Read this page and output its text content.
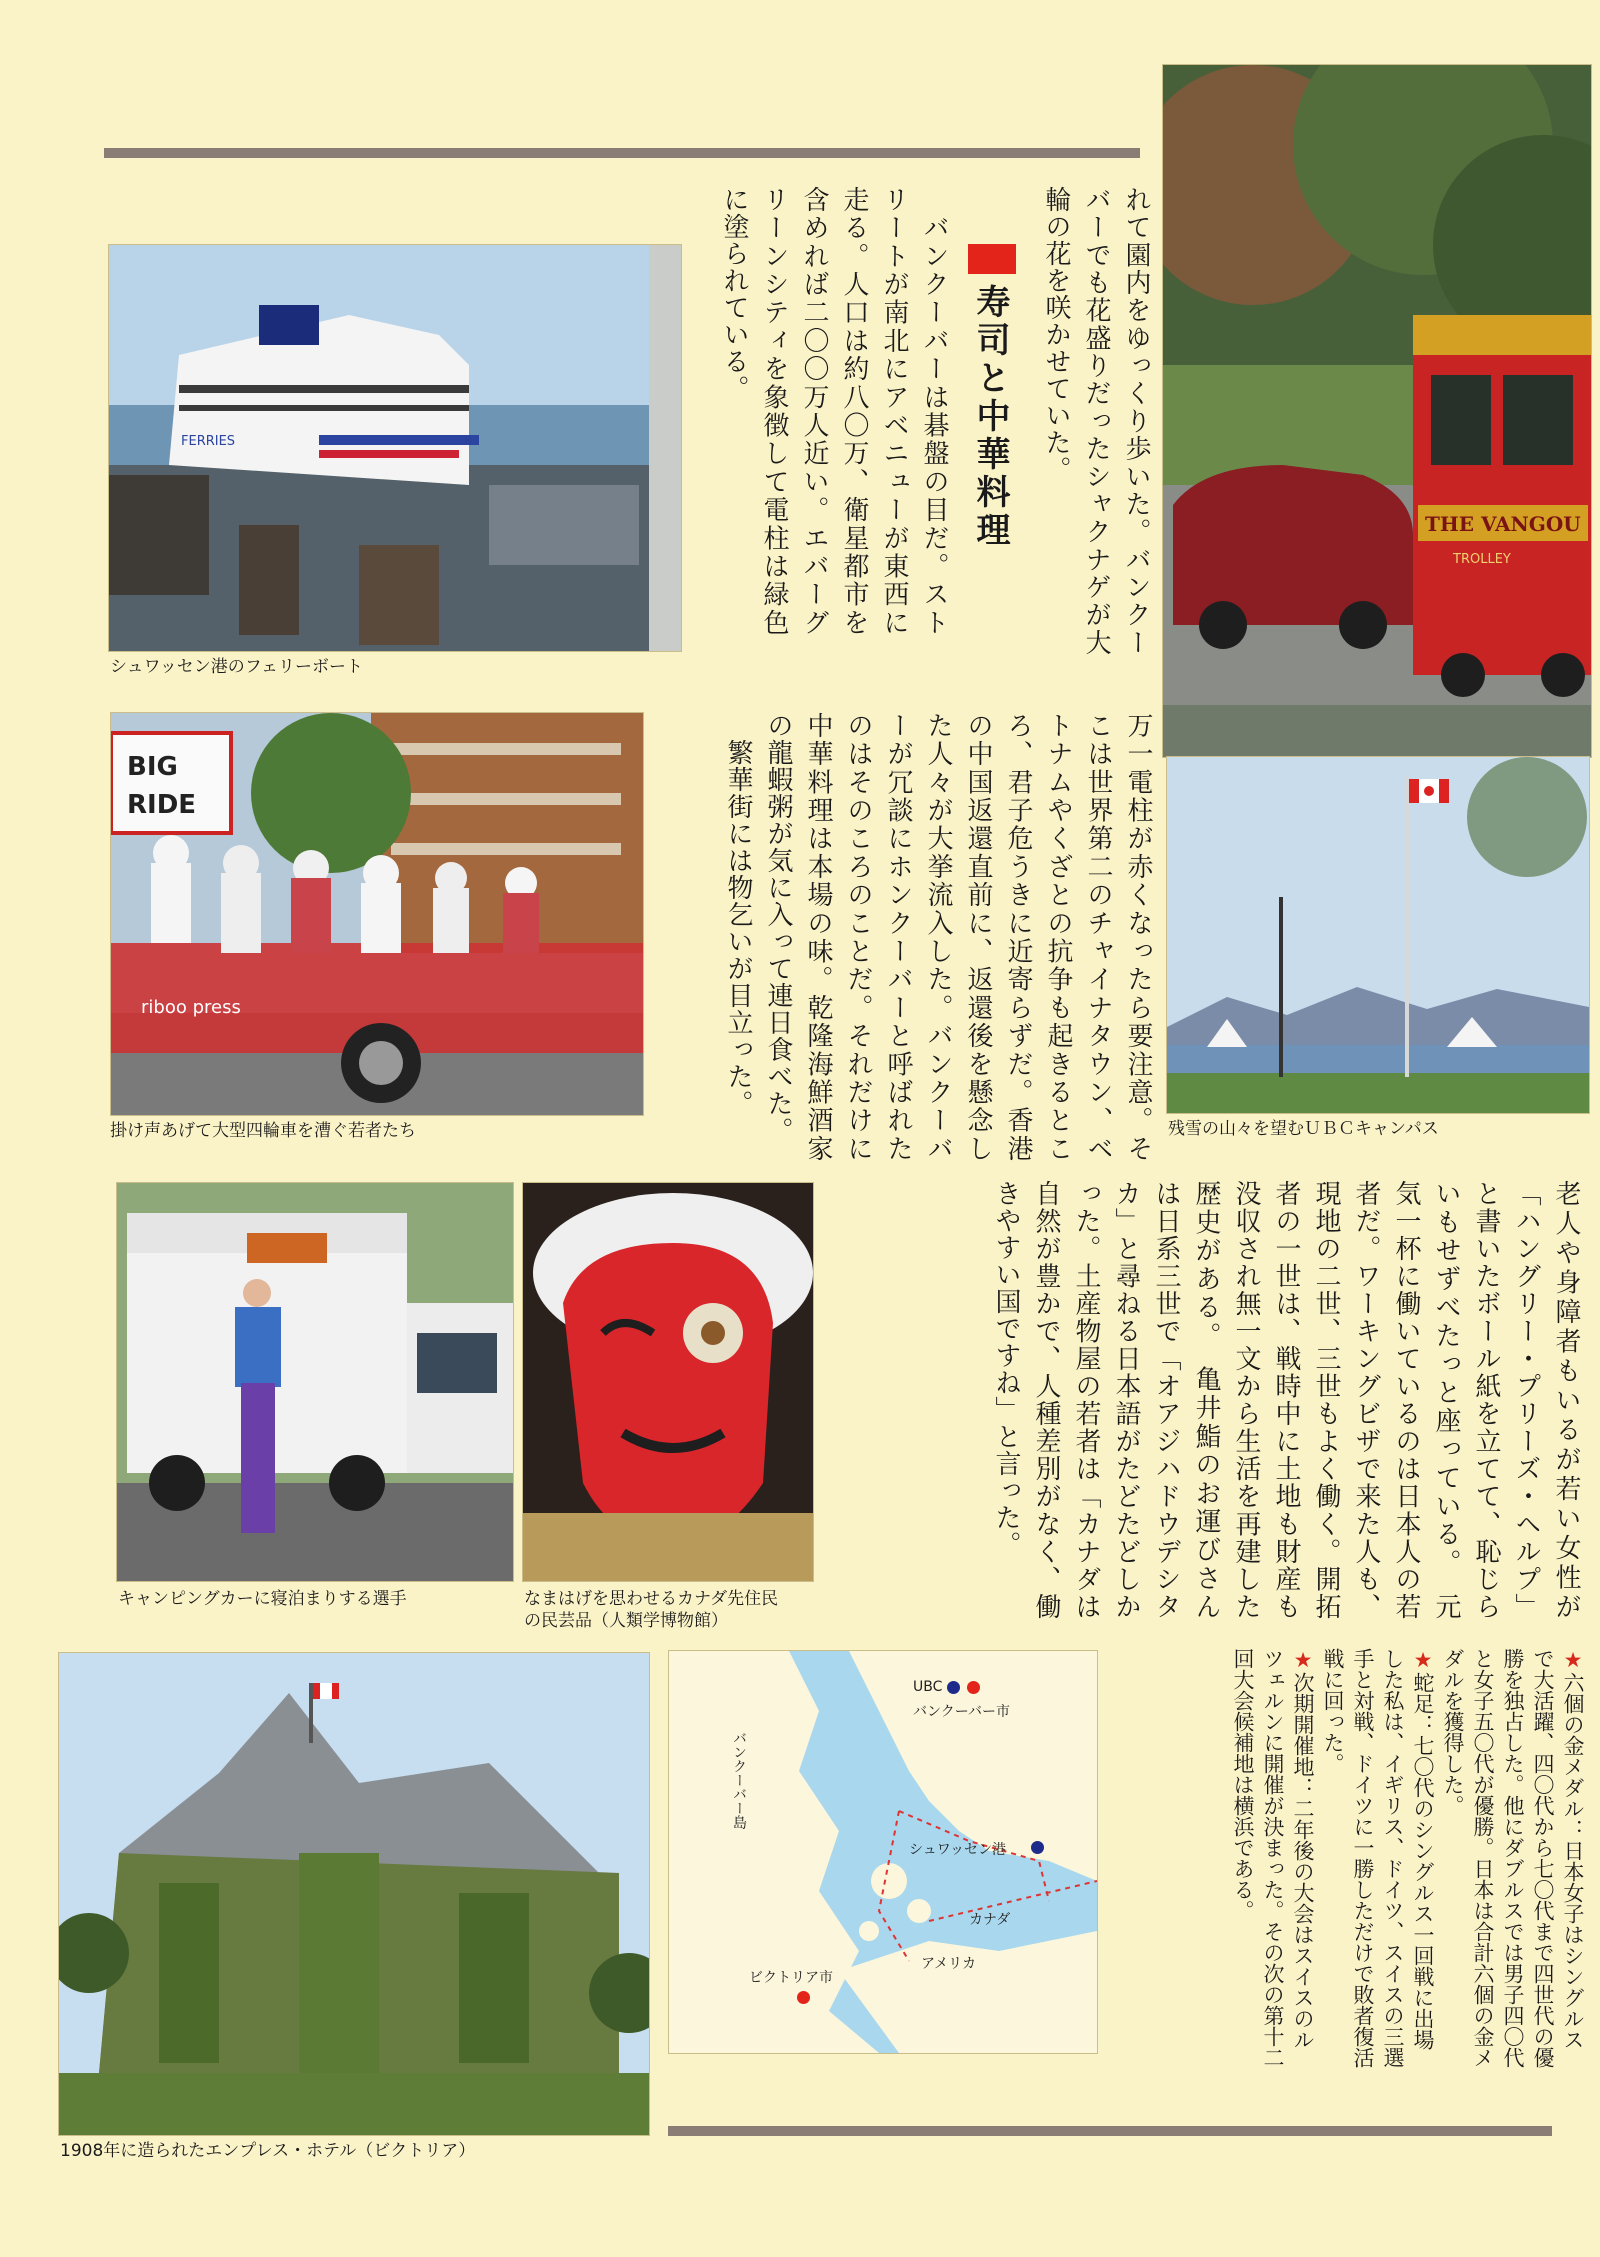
FERRIES
シュワッセン港のフェリーボート
THE VANGOU
TROLLEY
BIG
RIDE
riboo press
掛け声あげて大型四輪車を漕ぐ若者たち	残雪の山々を望むＵＢＣキャンパス
キャンピングカーに寝泊まりする選手	なまはげを思わせるカナダ先住民の民芸品（人類学博物館）
1908年に造られたエンプレス・ホテル（ビクトリア）
UBC
バンクーバー市
バンクーバー島
シュワッセン港
カナダ
アメリカ
ビクトリア市

れて園内をゆっくり歩いた。バンクーバーでも花盛りだったシャクナゲが大輪の花を咲かせていた。

寿司と中華料理

　バンクーバーは碁盤の目だ。ストリートが南北にアベニューが東西に走る。人口は約八〇万、衛星都市を含めれば二〇〇万人近い。エバーグリーンシティを象徴して電柱は緑色に塗られている。

万一電柱が赤くなったら要注意。そこは世界第二のチャイナタウン、ベトナムやくざとの抗争も起きるところ、君子危うきに近寄らずだ。香港の中国返還直前に、返還後を懸念した人々が大挙流入した。バンクーバーが冗談にホンクーバーと呼ばれたのはそのころのことだ。それだけに中華料理は本場の味。乾隆海鮮酒家の龍蝦粥が気に入って連日食べた。

　繁華街には物乞いが目立った。

老人や身障者もいるが若い女性が「ハングリー・プリーズ・ヘルプ」と書いたボール紙を立てて、恥じらいもせずべたっと座っている。　元気一杯に働いているのは日本人の若者だ。ワーキングビザで来た人も、現地の二世、三世もよく働く。開拓者の一世は、戦時中に土地も財産も没収され無一文から生活を再建した歴史がある。　亀井鮨のお運びさんは日系三世で「オアジハドウデシタカ」と尋ねる日本語がたどたどしかった。土産物屋の若者は「カナダは自然が豊かで、人種差別がなく、働きやすい国ですね」と言った。

★六個の金メダル：日本女子はシングルスで大活躍、四〇代から七〇代まで四世代の優勝を独占した。他にダブルスでは男子四〇代と女子五〇代が優勝。日本は合計六個の金メダルを獲得した。

★蛇足：七〇代のシングルス一回戦に出場した私は、イギリス、ドイツ、スイスの三選手と対戦、ドイツに一勝しただけで敗者復活戦に回った。

★次期開催地：二年後の大会はスイスのルツェルンに開催が決まった。その次の第十二回大会候補地は横浜である。
